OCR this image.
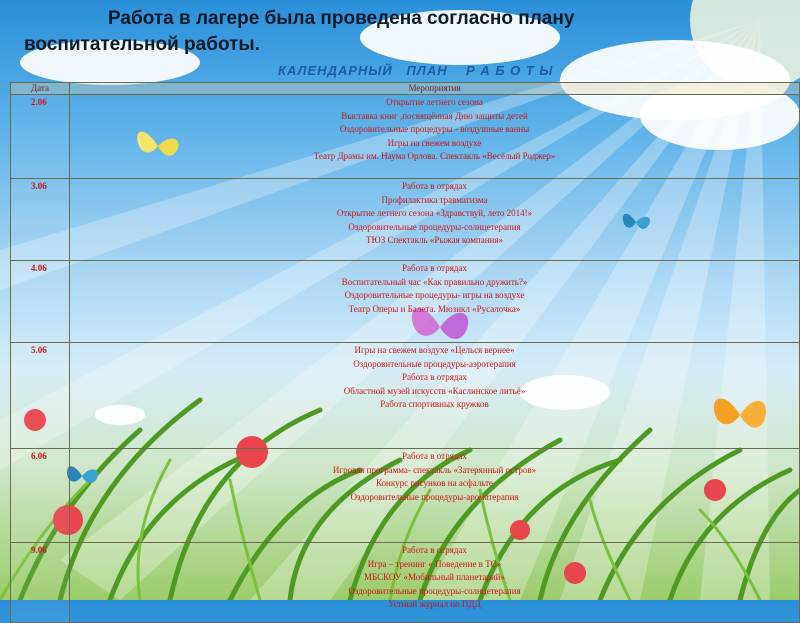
Работа в лагере была проведена согласно плану
воспитательной работы.
КАЛЕНДАРНЫЙ   ПЛАН    Р А Б О Т Ы
Дата	Мероприятия
2.06	Открытие летнего сезона
Выставка книг ,посвящённая Дню защиты детей
Оздоровительные процедуры - воздушные ванны
Игры на свежем воздухе
Театр Драмы им. Наума Орлова. Спектакль «Весёлый Роджер»

3.06	Работа в отрядах
Профилактика травматизма
Открытие летнего сезона «Здравствуй, лето 2014!»
Оздоровительные процедуры-солнцетерапия
ТЮЗ Спектакль «Рыжая компания»

4.06	Работа в отрядах
Воспитательный час «Как правильно дружить?»
Оздоровительные процедуры- игры на воздухе
Театр Оперы и Балета. Мюзикл «Русалочка»

5.06	Игры на свежем воздухе «Целься вернее»
Оздоровительные процедуры-аэротерапия
Работа в отрядах
Областной музей искусств «Каслинское литьё»
Работа спортивных кружков

6.06	Работа в отрядах
Игровая программа- спектакль «Затерянный остров»
Конкурс рисунков на асфальте
Оздоровительные процедуры-ароматерапия

9.06	Работа в отрядах
Игра – тренинг « Поведение в ТС»
МБСКОУ «Мобильный планетарий»
Оздоровительные процедуры-солнцетерапия
Устный журнал по ПДД
